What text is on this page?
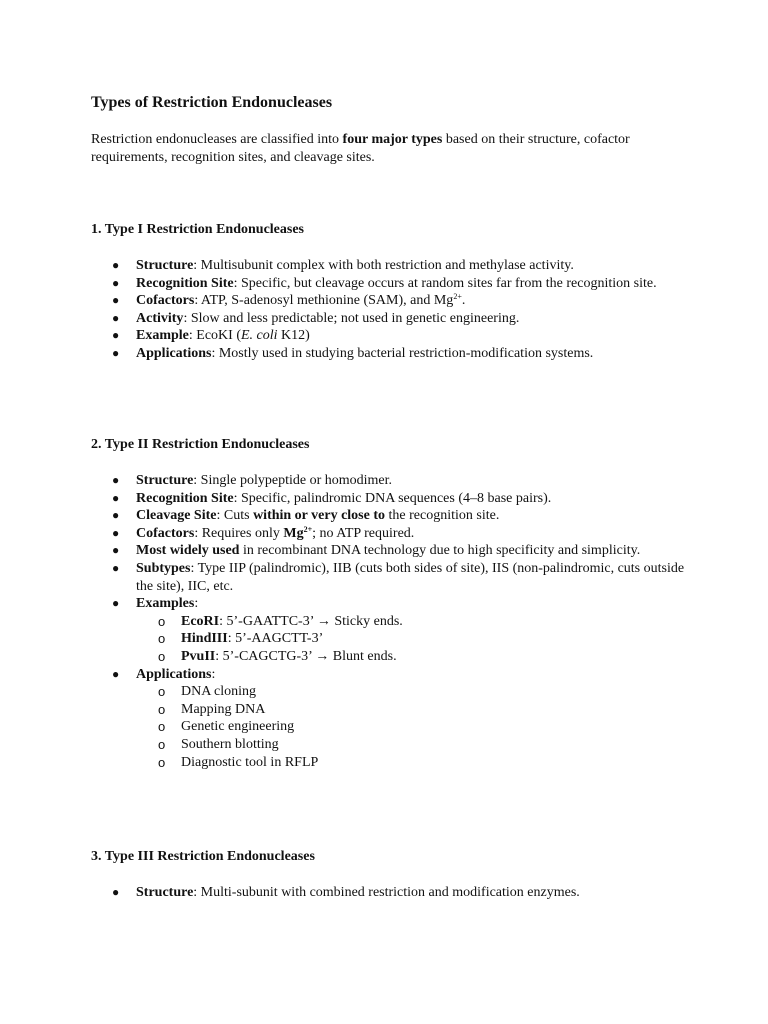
Types of Restriction Endonucleases

Restriction endonucleases are classified into four major types based on their structure, cofactor requirements, recognition sites, and cleavage sites.

1. Type I Restriction Endonucleases
● Structure: Multisubunit complex with both restriction and methylase activity.
● Recognition Site: Specific, but cleavage occurs at random sites far from the recognition site.
● Cofactors: ATP, S-adenosyl methionine (SAM), and $Mg^{2+}$.
● Activity: Slow and less predictable; not used in genetic engineering.
● Example: EcoKI (E. coli K12)
● Applications: Mostly used in studying bacterial restriction-modification systems.
2. Type II Restriction Endonucleases
● Structure: Single polypeptide or homodimer.
● Recognition Site: Specific, palindromic DNA sequences (4–8 base pairs).
● Cleavage Site: Cuts within or very close to the recognition site.
● Cofactors: Requires only $Mg^{2+}$; no ATP required.
● Most widely used in recombinant DNA technology due to high specificity and simplicity.
● Subtypes: Type IIP (palindromic), IIB (cuts both sides of site), IIS (non-palindromic, cuts outside the site), IIC, etc.
● Examples:
o EcoRI: 5’-GAATTC-3’ → Sticky ends.
o HindIII: 5’-AAGCTT-3’
o PvuII: 5’-CAGCTG-3’ → Blunt ends.
● Applications:
o DNA cloning
o Mapping DNA
o Genetic engineering
o Southern blotting
o Diagnostic tool in RFLP
3. Type III Restriction Endonucleases
● Structure: Multi-subunit with combined restriction and modification enzymes.
